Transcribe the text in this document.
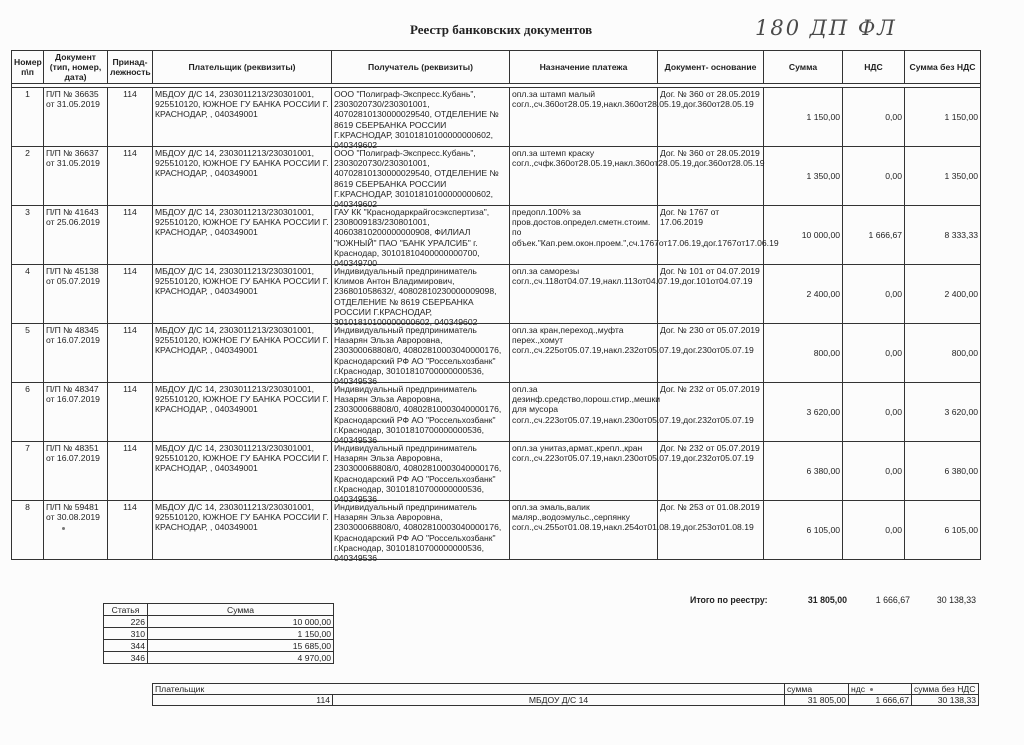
Реестр банковских документов	180 ДП ФЛ
Номер п\п	Документ (тип, номер, дата)	Принад- лежность	Плательщик (реквизиты)	Получатель (реквизиты)	Назначение платежа	Документ- основание	Сумма	НДС	Сумма без НДС

1	П/П № 36635 от 31.05.2019	114	МБДОУ Д/С 14, 2303011213/230301001, 925510120, ЮЖНОЕ ГУ БАНКА РОССИИ Г. КРАСНОДАР, , 040349001	ООО "Полиграф-Экспресс.Кубань", 2303020730/230301001, 40702810130000029540, ОТДЕЛЕНИЕ № 8619 СБЕРБАНКА РОССИИ Г.КРАСНОДАР, 30101810100000000602, 040349602	опл.за штамп малый согл.,сч.360от28.05.19,накл.360от28.05.19,дог.360от28.05.19	Дог. № 360 от 28.05.2019	1 150,00	0,00	1 150,00

2	П/П № 36637 от 31.05.2019	114	МБДОУ Д/С 14, 2303011213/230301001, 925510120, ЮЖНОЕ ГУ БАНКА РОССИИ Г. КРАСНОДАР, , 040349001	ООО "Полиграф-Экспресс.Кубань", 2303020730/230301001, 40702810130000029540, ОТДЕЛЕНИЕ № 8619 СБЕРБАНКА РОССИИ Г.КРАСНОДАР, 30101810100000000602, 040349602	опл.за штемп краску согл.,счфк.360от28.05.19,накл.360от28.05.19,дог.360от28.05.19	Дог. № 360 от 28.05.2019	1 350,00	0,00	1 350,00

3	П/П № 41643 от 25.06.2019	114	МБДОУ Д/С 14, 2303011213/230301001, 925510120, ЮЖНОЕ ГУ БАНКА РОССИИ Г. КРАСНОДАР, , 040349001	ГАУ КК "Краснодаркрайгосэкспертиза", 2308009183/230801001, 40603810200000000908, ФИЛИАЛ "ЮЖНЫЙ" ПАО "БАНК УРАЛСИБ" г. Краснодар, 30101810400000000700, 040349700	предопл.100% за пров.достов.определ.сметн.стоим. по объек."Кап.рем.окон.проем.",сч.1767от17.06.19,дог.1767от17.06.19	Дог. № 1767 от 17.06.2019	10 000,00	1 666,67	8 333,33

4	П/П № 45138 от 05.07.2019	114	МБДОУ Д/С 14, 2303011213/230301001, 925510120, ЮЖНОЕ ГУ БАНКА РОССИИ Г. КРАСНОДАР, , 040349001	Индивидуальный предприниматель Климов Антон Владимирович, 236801058632/, 40802810230000009098, ОТДЕЛЕНИЕ № 8619 СБЕРБАНКА РОССИИ Г.КРАСНОДАР, 30101810100000000602, 040349602	опл.за саморезы согл.,сч.118от04.07.19,накл.113от04.07.19,дог.101от04.07.19	Дог. № 101 от 04.07.2019	2 400,00	0,00	2 400,00

5	П/П № 48345 от 16.07.2019	114	МБДОУ Д/С 14, 2303011213/230301001, 925510120, ЮЖНОЕ ГУ БАНКА РОССИИ Г. КРАСНОДАР, , 040349001	Индивидуальный предприниматель Назарян Эльза Авроровна, 230300068808/0, 40802810003040000176, Краснодарский РФ АО "Россельхозбанк" г.Краснодар, 30101810700000000536, 040349536	опл.за кран,переход.,муфта перех.,хомут согл.,сч.225от05.07.19,накл.232от05.07.19,дог.230от05.07.19	Дог. № 230 от 05.07.2019	800,00	0,00	800,00

6	П/П № 48347 от 16.07.2019	114	МБДОУ Д/С 14, 2303011213/230301001, 925510120, ЮЖНОЕ ГУ БАНКА РОССИИ Г. КРАСНОДАР, , 040349001	Индивидуальный предприниматель Назарян Эльза Авроровна, 230300068808/0, 40802810003040000176, Краснодарский РФ АО "Россельхозбанк" г.Краснодар, 30101810700000000536, 040349536	опл.за дезинф.средство,порош.стир.,мешки для мусора согл.,сч.223от05.07.19,накл.230от05.07.19,дог.232от05.07.19	Дог. № 232 от 05.07.2019	3 620,00	0,00	3 620,00

7	П/П № 48351 от 16.07.2019	114	МБДОУ Д/С 14, 2303011213/230301001, 925510120, ЮЖНОЕ ГУ БАНКА РОССИИ Г. КРАСНОДАР, , 040349001	Индивидуальный предприниматель Назарян Эльза Авроровна, 230300068808/0, 40802810003040000176, Краснодарский РФ АО "Россельхозбанк" г.Краснодар, 30101810700000000536, 040349536	опл.за унитаз,армат.,крепл.,кран согл.,сч.223от05.07.19,накл.230от05.07.19,дог.232от05.07.19	Дог. № 232 от 05.07.2019	6 380,00	0,00	6 380,00

8	П/П № 59481 от 30.08.2019	114	МБДОУ Д/С 14, 2303011213/230301001, 925510120, ЮЖНОЕ ГУ БАНКА РОССИИ Г. КРАСНОДАР, , 040349001	Индивидуальный предприниматель Назарян Эльза Авроровна, 230300068808/0, 40802810003040000176, Краснодарский РФ АО "Россельхозбанк" г.Краснодар, 30101810700000000536, 040349536	опл.за эмаль,валик маляр.,водоэмульс.,серпянку согл.,сч.255от01.08.19,накл.254от01.08.19,дог.253от01.08.19	Дог. № 253 от 01.08.2019	6 105,00	0,00	6 105,00
Итого по реестру:	31 805,00	1 666,67	30 138,33
Статья	Сумма
226	10 000,00
310	1 150,00
344	15 685,00
346	4 970,00
Плательщик		сумма	ндс	сумма без НДС
114	МБДОУ Д/С 14	31 805,00	1 666,67	30 138,33
